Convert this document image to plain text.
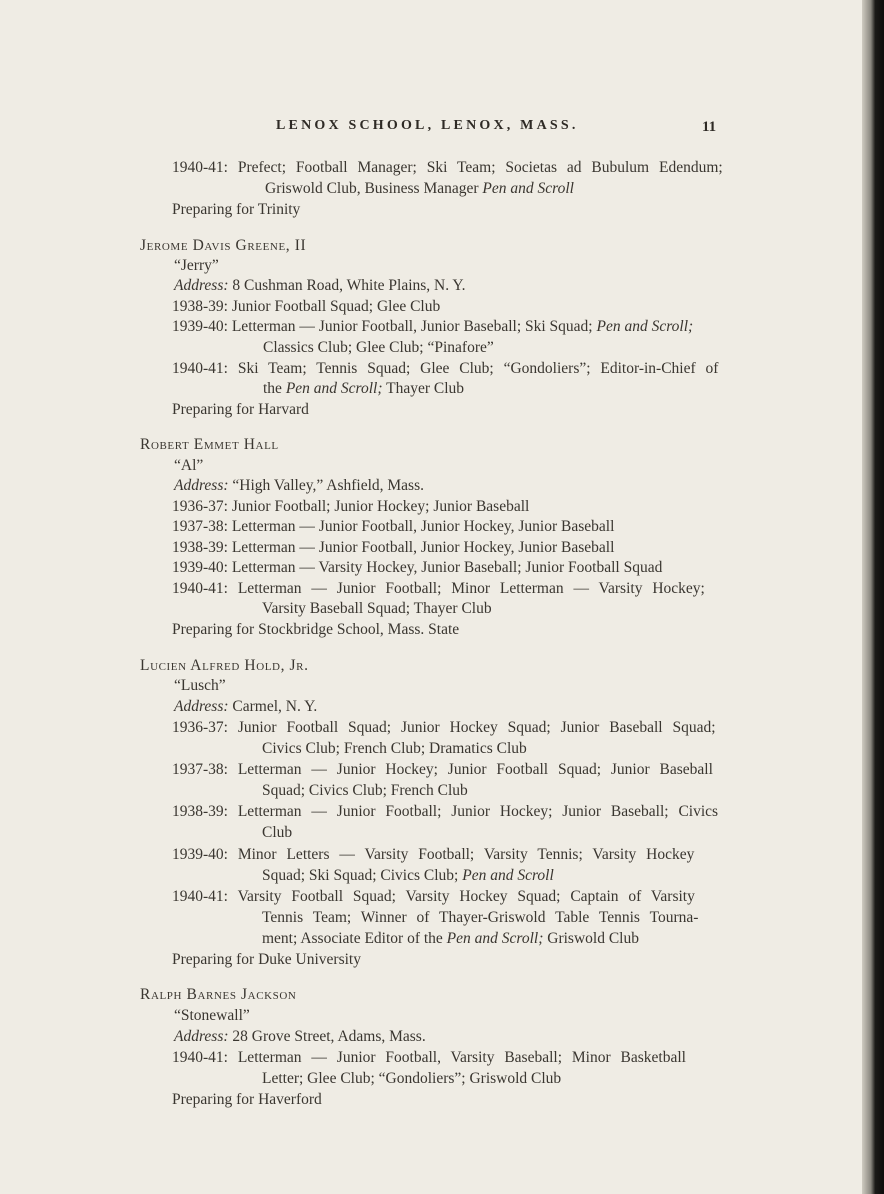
LENOX SCHOOL, LENOX, MASS.	11
1940-41: Prefect; Football Manager; Ski Team; Societas ad Bubulum Edendum;
Griswold Club, Business Manager Pen and Scroll
Preparing for Trinity
Jerome Davis Greene, II
“Jerry”
Address: 8 Cushman Road, White Plains, N. Y.
1938-39: Junior Football Squad; Glee Club
1939-40: Letterman — Junior Football, Junior Baseball; Ski Squad; Pen and Scroll;
Classics Club; Glee Club; “Pinafore”
1940-41: Ski Team; Tennis Squad; Glee Club; “Gondoliers”; Editor-in-Chief of
the Pen and Scroll; Thayer Club
Preparing for Harvard
Robert Emmet Hall
“Al”
Address: “High Valley,” Ashfield, Mass.
1936-37: Junior Football; Junior Hockey; Junior Baseball
1937-38: Letterman — Junior Football, Junior Hockey, Junior Baseball
1938-39: Letterman — Junior Football, Junior Hockey, Junior Baseball
1939-40: Letterman — Varsity Hockey, Junior Baseball; Junior Football Squad
1940-41: Letterman — Junior Football; Minor Letterman — Varsity Hockey;
Varsity Baseball Squad; Thayer Club
Preparing for Stockbridge School, Mass. State
Lucien Alfred Hold, Jr.
“Lusch”
Address: Carmel, N. Y.
1936-37: Junior Football Squad; Junior Hockey Squad; Junior Baseball Squad;
Civics Club; French Club; Dramatics Club
1937-38: Letterman — Junior Hockey; Junior Football Squad; Junior Baseball
Squad; Civics Club; French Club
1938-39: Letterman — Junior Football; Junior Hockey; Junior Baseball; Civics
Club
1939-40: Minor Letters — Varsity Football; Varsity Tennis; Varsity Hockey
Squad; Ski Squad; Civics Club; Pen and Scroll
1940-41: Varsity Football Squad; Varsity Hockey Squad; Captain of Varsity
Tennis Team; Winner of Thayer-Griswold Table Tennis Tourna-
ment; Associate Editor of the Pen and Scroll; Griswold Club
Preparing for Duke University
Ralph Barnes Jackson
“Stonewall”
Address: 28 Grove Street, Adams, Mass.
1940-41: Letterman — Junior Football, Varsity Baseball; Minor Basketball
Letter; Glee Club; “Gondoliers”; Griswold Club
Preparing for Haverford
